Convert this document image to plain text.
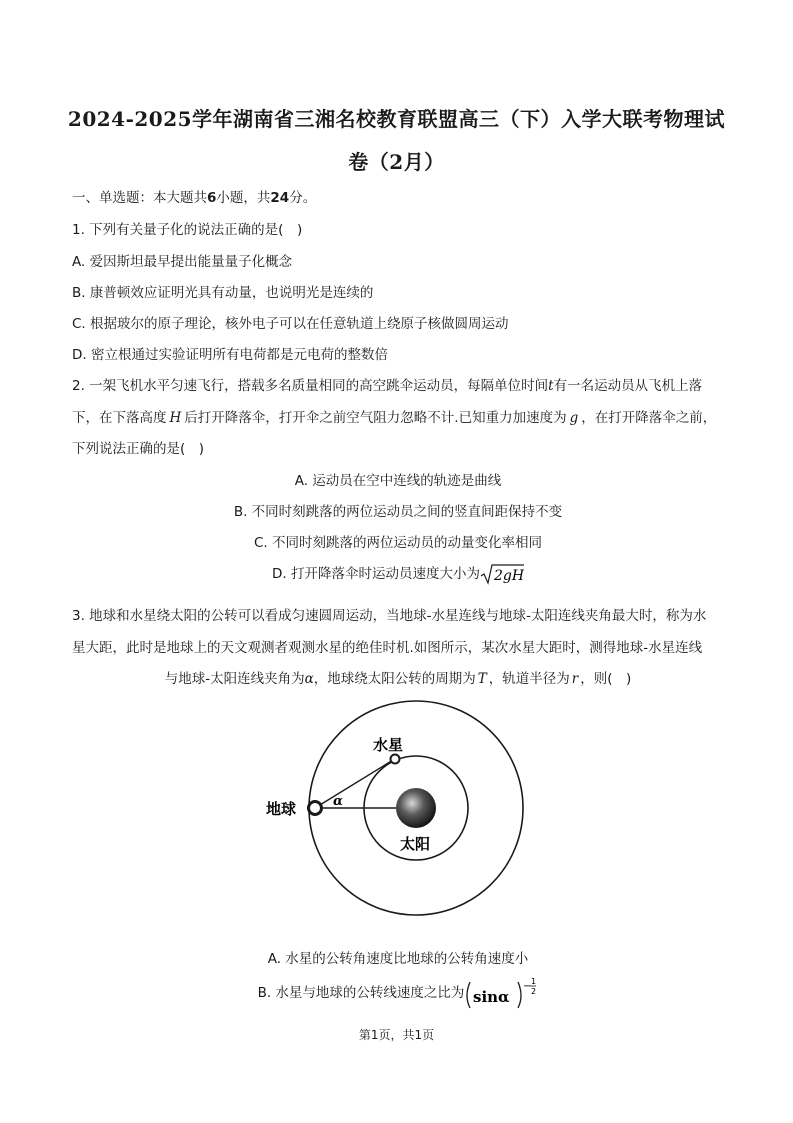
2024-2025学年湖南省三湘名校教育联盟高三（下）入学大联考物理试
卷（2月）
一、单选题：本大题共6小题，共24分。
1. 下列有关量子化的说法正确的是(　)
A. 爱因斯坦最早提出能量量子化概念
B. 康普顿效应证明光具有动量，也说明光是连续的
C. 根据玻尔的原子理论，核外电子可以在任意轨道上绕原子核做圆周运动
D. 密立根通过实验证明所有电荷都是元电荷的整数倍
2. 一架飞机水平匀速飞行，搭载多名质量相同的高空跳伞运动员，每隔单位时间t有一名运动员从飞机上落
下，在下落高度 H 后打开降落伞，打开伞之前空气阻力忽略不计.已知重力加速度为 g ，在打开降落伞之前，
下列说法正确的是(　)
A. 运动员在空中连线的轨迹是曲线
B. 不同时刻跳落的两位运动员之间的竖直间距保持不变
C. 不同时刻跳落的两位运动员的动量变化率相同
D. 打开降落伞时运动员速度大小为 2gH
3. 地球和水星绕太阳的公转可以看成匀速圆周运动，当地球-水星连线与地球-太阳连线夹角最大时，称为水
星大距，此时是地球上的天文观测者观测水星的绝佳时机.如图所示，某次水星大距时，测得地球-水星连线
与地球-太阳连线夹角为α，地球绕太阳公转的周期为 T ，轨道半径为 r ，则(　)
水星
地球
太阳
α
A. 水星的公转角速度比地球的公转角速度小
B. 水星与地球的公转线速度之比为 sinα
− 1
2
第1页，共1页
